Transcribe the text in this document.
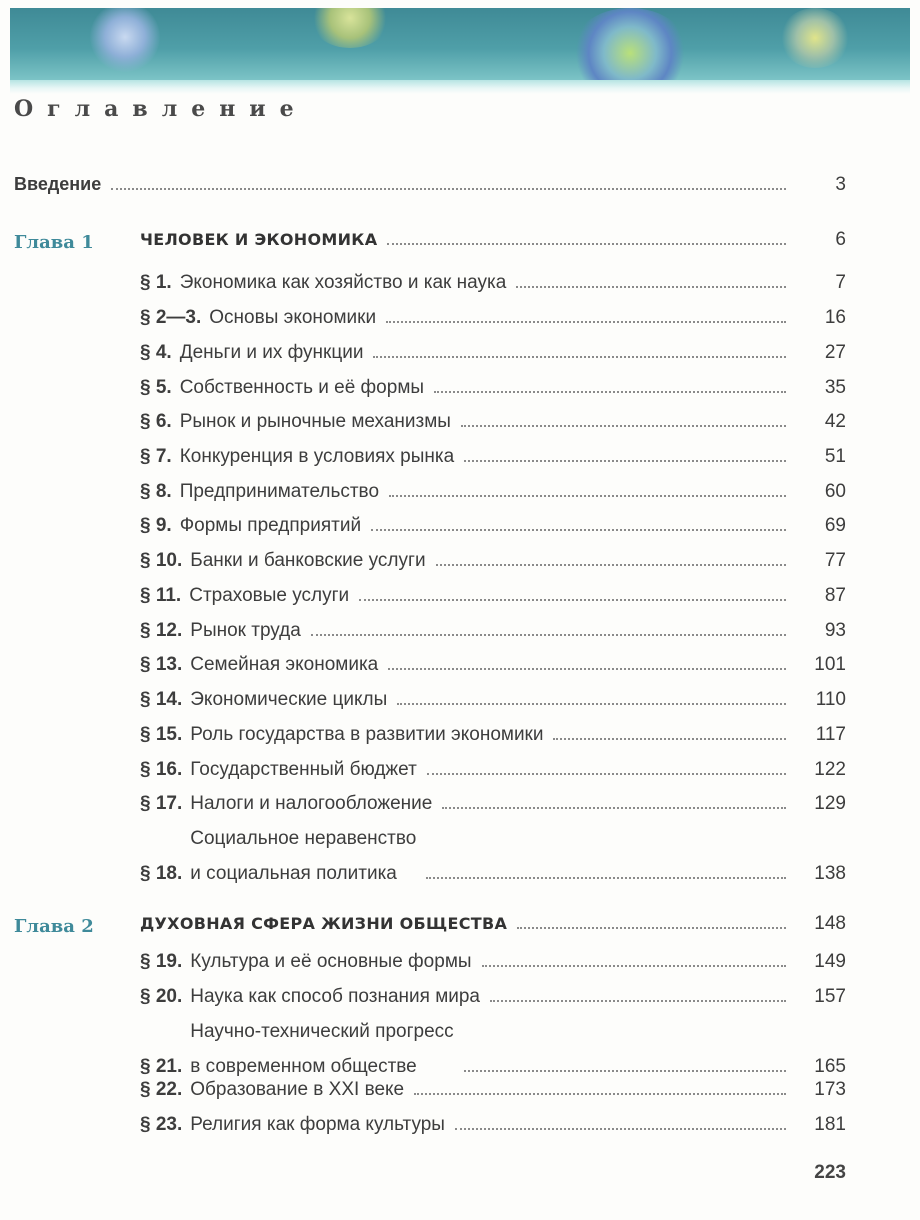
Оглавление
Введение	3
Глава 1	ЧЕЛОВЕК И ЭКОНОМИКА	6
§ 1. Экономика как хозяйство и как наука	7
§ 2—3. Основы экономики	16
§ 4. Деньги и их функции	27
§ 5. Собственность и её формы	35
§ 6. Рынок и рыночные механизмы	42
§ 7. Конкуренция в условиях рынка	51
§ 8. Предпринимательство	60
§ 9. Формы предприятий	69
§ 10. Банки и банковские услуги	77
§ 11. Страховые услуги	87
§ 12. Рынок труда	93
§ 13. Семейная экономика	101
§ 14. Экономические циклы	110
§ 15. Роль государства в развитии экономики	117
§ 16. Государственный бюджет	122
§ 17. Налоги и налогообложение	129
§ 18.
Социальное неравенство
и социальная политика	138
Глава 2	ДУХОВНАЯ СФЕРА ЖИЗНИ ОБЩЕСТВА	148
§ 19. Культура и её основные формы	149
§ 20. Наука как способ познания мира	157
§ 21.
Научно-технический прогресс
в современном обществе	165
§ 22. Образование в XXI веке	173
§ 23. Религия как форма культуры	181
223
